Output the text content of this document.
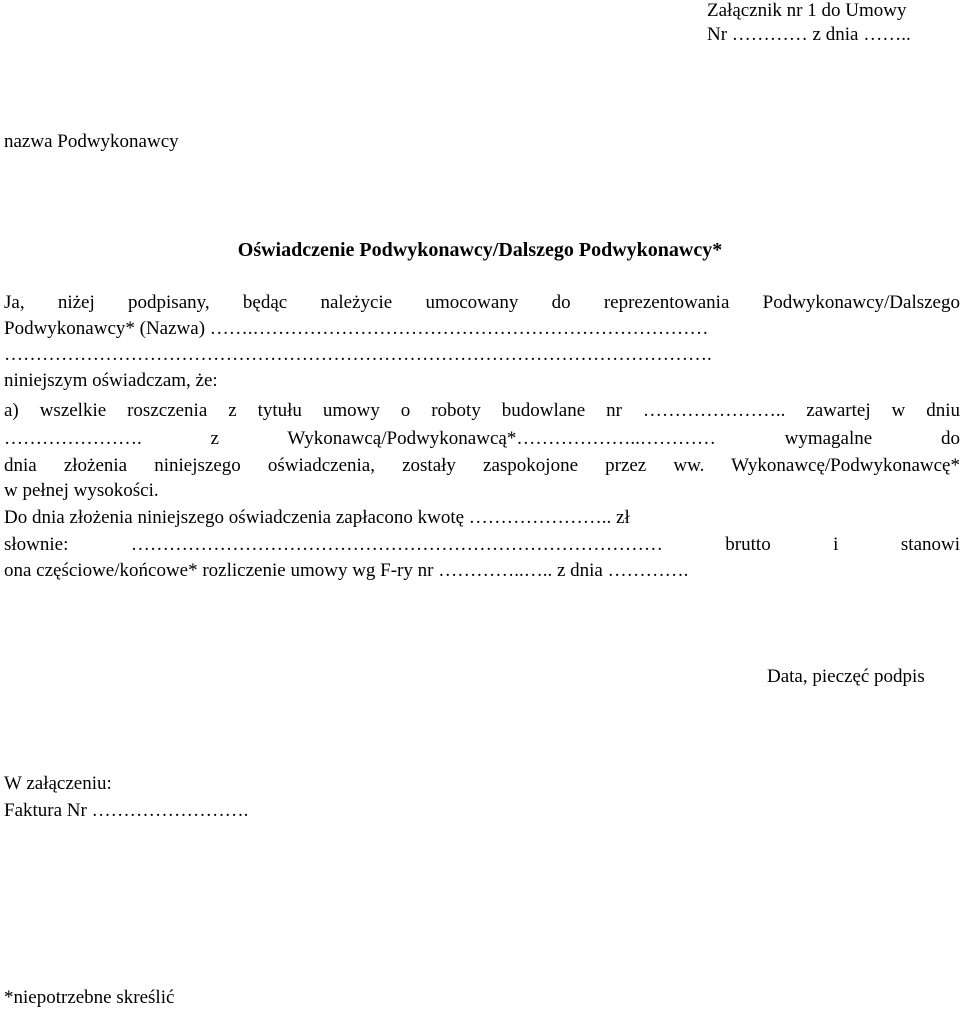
Załącznik nr 1 do Umowy
Nr ………… z dnia ……..
nazwa Podwykonawcy
Oświadczenie Podwykonawcy/Dalszego Podwykonawcy*
Ja, niżej podpisany, będąc należycie umocowany do reprezentowania Podwykonawcy/Dalszego
Podwykonawcy* (Nazwa) …….………………………………………………………………
………………………………………………………………………………………………….
niniejszym oświadczam, że:
a) wszelkie roszczenia z tytułu umowy o roboty budowlane nr ………………….. zawartej w dniu
…………………. z Wykonawcą/Podwykonawcą*………………..………… wymagalne do
dnia złożenia niniejszego oświadczenia, zostały zaspokojone przez ww. Wykonawcę/Podwykonawcę*
w pełnej wysokości.
Do dnia złożenia niniejszego oświadczenia zapłacono kwotę ………………….. zł
słownie: ………………………………………………………………………… brutto i stanowi
ona częściowe/końcowe* rozliczenie umowy wg F-ry nr …………..….. z dnia ………….
Data, pieczęć podpis
W załączeniu:
Faktura Nr …………………….
*niepotrzebne skreślić
